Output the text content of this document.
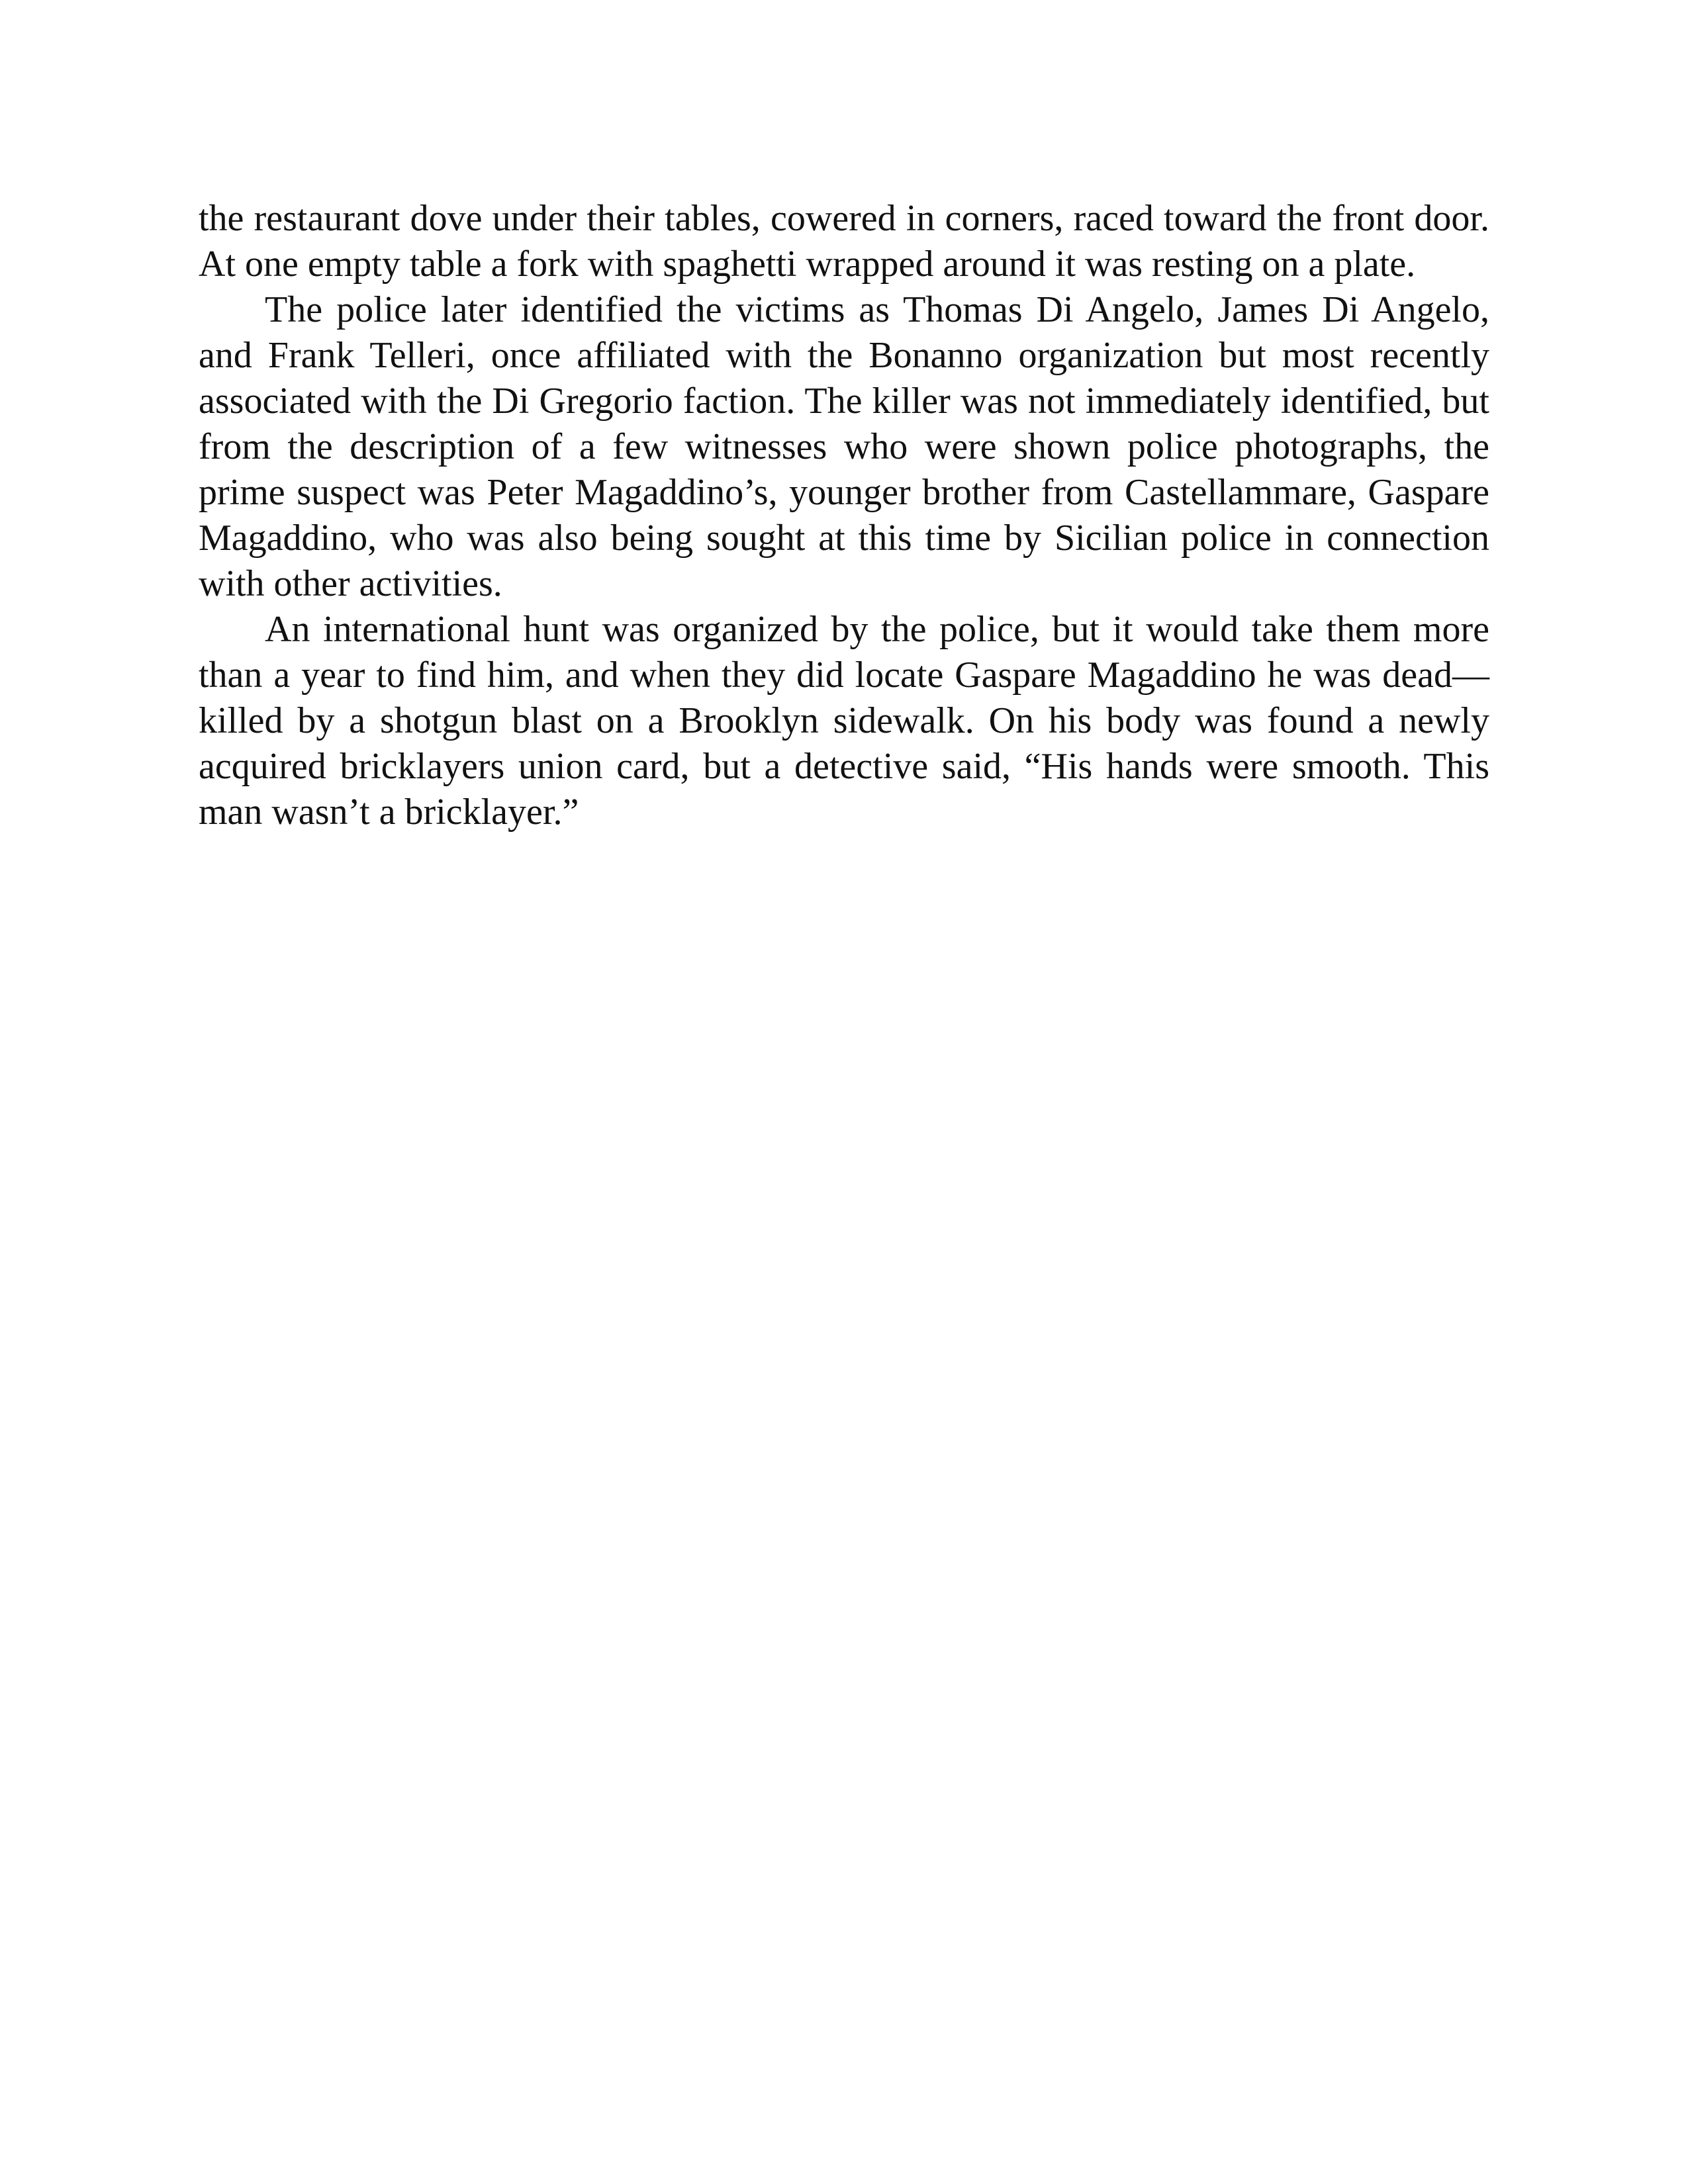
the restaurant dove under their tables, cowered in corners, raced toward the front door. At one empty table a fork with spaghetti wrapped around it was resting on a plate.

The police later identified the victims as Thomas Di Angelo, James Di Angelo, and Frank Telleri, once affiliated with the Bonanno organization but most recently associated with the Di Gregorio faction. The killer was not immediately identified, but from the description of a few witnesses who were shown police photographs, the prime suspect was Peter Magaddino’s, younger brother from Castellammare, Gaspare Magaddino, who was also being sought at this time by Sicilian police in connection with other activities.

An international hunt was organized by the police, but it would take them more than a year to find him, and when they did locate Gaspare Magaddino he was dead—killed by a shotgun blast on a Brooklyn sidewalk. On his body was found a newly acquired bricklayers union card, but a detective said, “His hands were smooth. This man wasn’t a bricklayer.”
